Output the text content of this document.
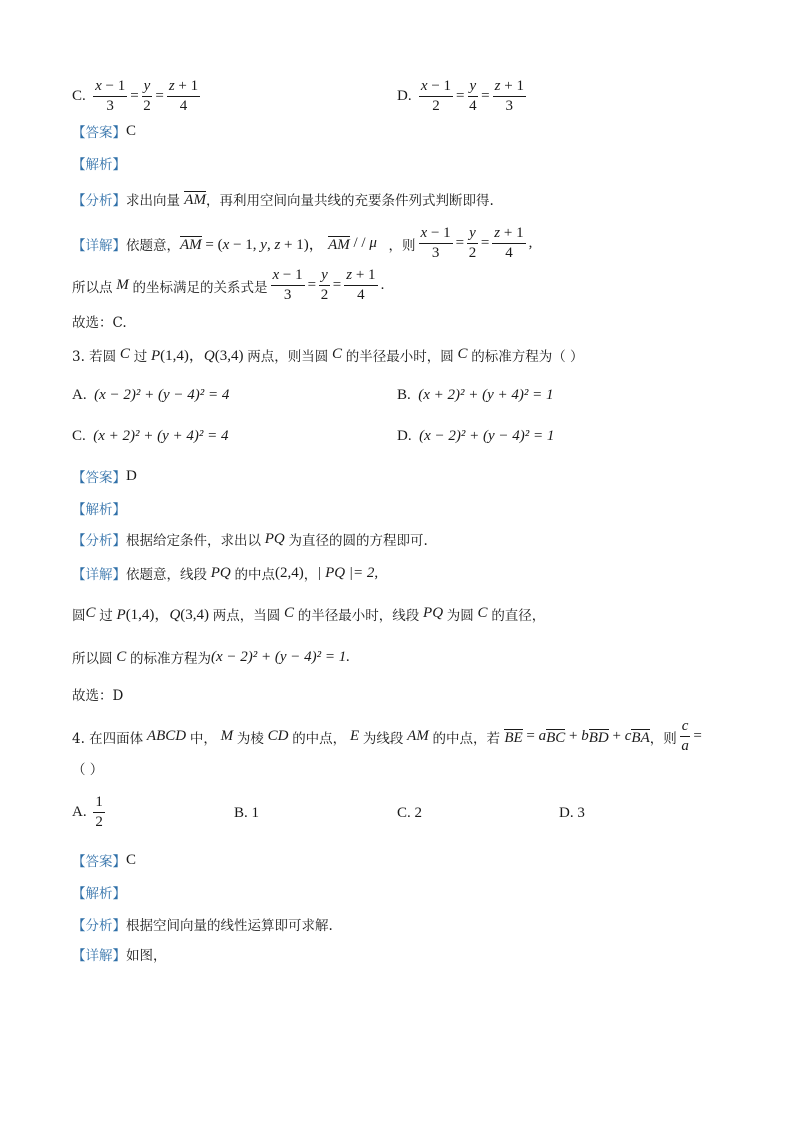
C.
$\frac{x - 1}{3} = \frac{y}{2} = \frac{z + 1}{4}$	D.
$\frac{x - 1}{2} = \frac{y}{4} = \frac{z + 1}{3}$
【答案】 C
【解析】
【分析】 求出向量
AM ，再利用空间向量共线的充要条件列式判断即得.
【详解】 依题意， AM = (x − 1, y, z + 1)，
AM / / μ⃗ ，则 $\frac{x - 1}{3} = \frac{y}{2} = \frac{z + 1}{4}$ ,
所以点 M 的坐标满足的关系式是 $\frac{x - 1}{3} = \frac{y}{2} = \frac{z + 1}{4}$ .
故选：C.
3. 若圆 C 过 P(1,4)，Q(3,4) 两点，则当圆 C 的半径最小时，圆 C 的标准方程为（ ）
A.
(x − 2)² + (y − 4)² = 4	B.
(x + 2)² + (y + 4)² = 1
C.
(x + 2)² + (y + 4)² = 4	D.
(x − 2)² + (y − 4)² = 1
【答案】 D
【解析】
【分析】 根据给定条件，求出以 PQ 为直径的圆的方程即可.
【详解】 依题意，线段 PQ 的中点 (2,4) ， | PQ |= 2 ,
圆 C 过 P(1,4)，Q(3,4) 两点，当圆 C 的半径最小时，线段 PQ 为圆 C 的直径，
所以圆 C 的标准方程为 (x − 2)² + (y − 4)² = 1.
故选：D
4. 在四面体 ABCD 中， M 为棱 CD 的中点， E 为线段 AM 的中点，若
BE = a BC + b BD + c BA ，则 $\frac{c}{a}$ =
（ ）
A.
$\frac{1}{2}$	B.
1	C.
2	D.
3
【答案】 C
【解析】
【分析】 根据空间向量的线性运算即可求解.
【详解】 如图，
